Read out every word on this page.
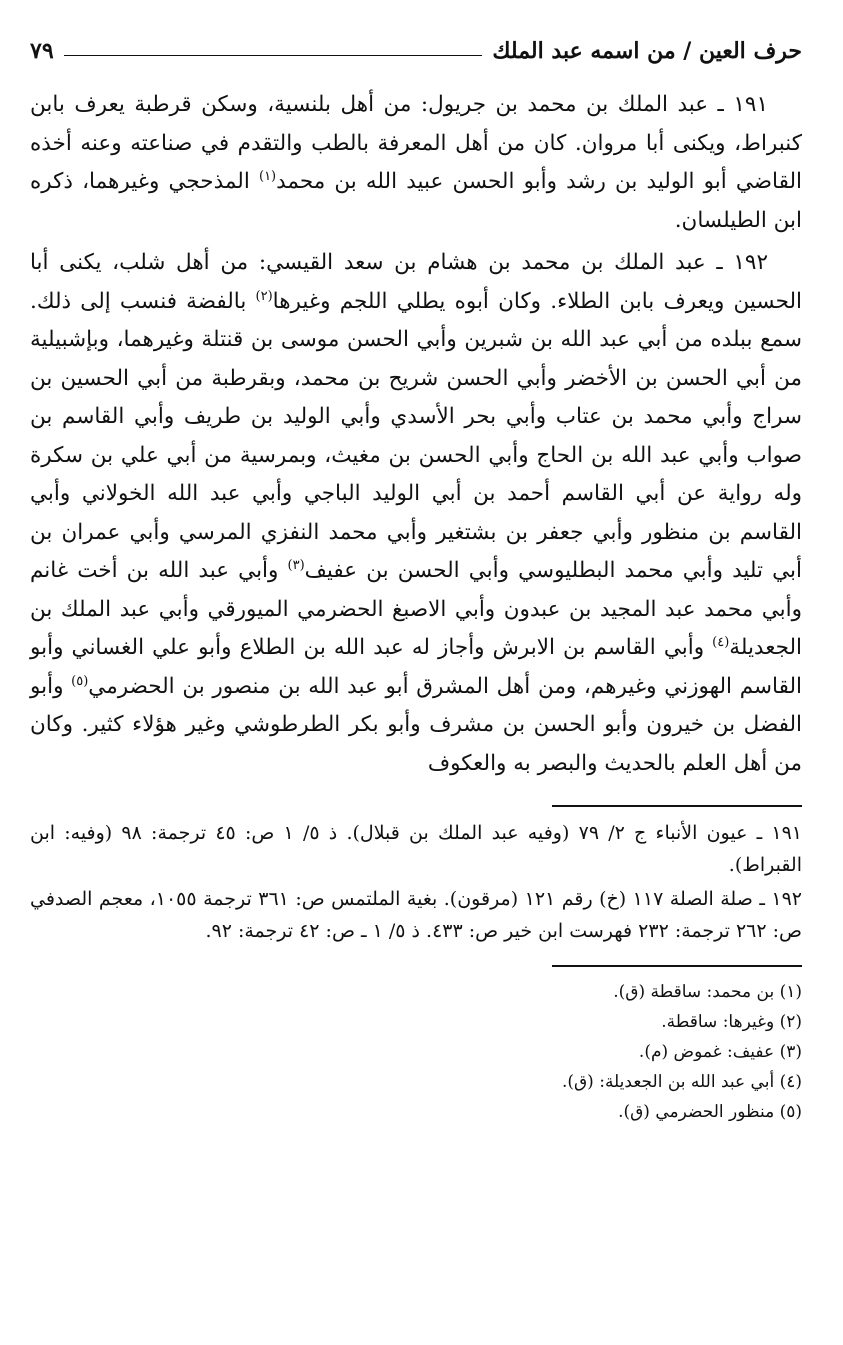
حرف العين / من اسمه عبد الملك
٧٩

١٩١ ـ عبد الملك بن محمد بن جريول: من أهل بلنسية، وسكن قرطبة يعرف بابن كنبراط، ويكنى أبا مروان. كان من أهل المعرفة بالطب والتقدم في صناعته وعنه أخذه القاضي أبو الوليد بن رشد وأبو الحسن عبيد الله بن محمد$^{(١)}$ المذحجي وغيرهما، ذكره ابن الطيلسان.

١٩٢ ـ عبد الملك بن محمد بن هشام بن سعد القيسي: من أهل شلب، يكنى أبا الحسين ويعرف بابن الطلاء. وكان أبوه يطلي اللجم وغيرها$^{(٢)}$ بالفضة فنسب إلى ذلك. سمع ببلده من أبي عبد الله بن شبرين وأبي الحسن موسى بن قنتلة وغيرهما، وبإشبيلية من أبي الحسن بن الأخضر وأبي الحسن شريح بن محمد، وبقرطبة من أبي الحسين بن سراج وأبي محمد بن عتاب وأبي بحر الأسدي وأبي الوليد بن طريف وأبي القاسم بن صواب وأبي عبد الله بن الحاج وأبي الحسن بن مغيث، وبمرسية من أبي علي بن سكرة وله رواية عن أبي القاسم أحمد بن أبي الوليد الباجي وأبي عبد الله الخولاني وأبي القاسم بن منظور وأبي جعفر بن بشتغير وأبي محمد النفزي المرسي وأبي عمران بن أبي تليد وأبي محمد البطليوسي وأبي الحسن بن عفيف$^{(٣)}$ وأبي عبد الله بن أخت غانم وأبي محمد عبد المجيد بن عبدون وأبي الاصبغ الحضرمي الميورقي وأبي عبد الملك بن الجعديلة$^{(٤)}$ وأبي القاسم بن الابرش وأجاز له عبد الله بن الطلاع وأبو علي الغساني وأبو القاسم الهوزني وغيرهم، ومن أهل المشرق أبو عبد الله بن منصور بن الحضرمي$^{(٥)}$ وأبو الفضل بن خيرون وأبو الحسن بن مشرف وأبو بكر الطرطوشي وغير هؤلاء كثير. وكان من أهل العلم بالحديث والبصر به والعكوف

١٩١ ـ عيون الأنباء ج ٢/ ٧٩ (وفيه عبد الملك بن قبلال). ذ ٥/ ١ ص: ٤٥ ترجمة: ٩٨ (وفيه: ابن القبراط).

١٩٢ ـ صلة الصلة ١١٧ (خ) رقم ١٢١ (مرقون). بغية الملتمس ص: ٣٦١ ترجمة ١٠٥٥، معجم الصدفي ص: ٢٦٢ ترجمة: ٢٣٢ فهرست ابن خير ص: ٤٣٣. ذ ٥/ ١ ـ ص: ٤٢ ترجمة: ٩٢.

(١) بن محمد: ساقطة (ق).
(٢) وغيرها: ساقطة.
(٣) عفيف: غموض (م).
(٤) أبي عبد الله بن الجعديلة: (ق).
(٥) منظور الحضرمي (ق).
